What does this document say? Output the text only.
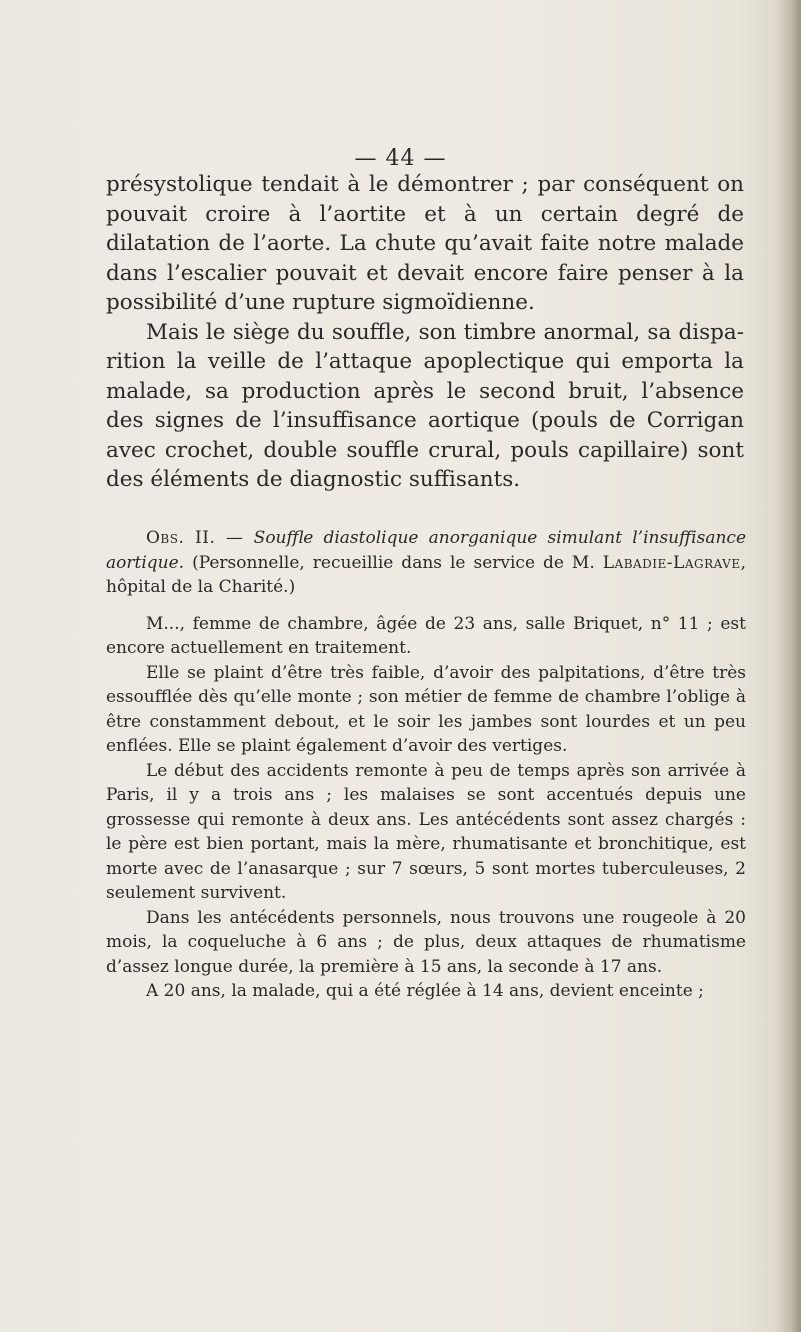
— 44 —

présystolique tendait à le démontrer ; par conséquent on pouvait croire à l’aortite et à un certain degré de dilatation de l’aorte. La chute qu’avait faite notre malade dans l’escalier pouvait et devait encore faire penser à la possibilité d’une rupture sigmoïdienne.

Mais le siège du souffle, son timbre anormal, sa disparition la veille de l’attaque apoplectique qui emporta la malade, sa production après le second bruit, l’absence des signes de l’insuffisance aortique (pouls de Corrigan avec crochet, double souffle crural, pouls capillaire) sont des éléments de diagnostic suffisants.

Obs. II. — Souffle diastolique anorganique simulant l’insuffisance aortique. (Personnelle, recueillie dans le service de M. Labadie-Lagrave, hôpital de la Charité.)

M..., femme de chambre, âgée de 23 ans, salle Briquet, n° 11 ; est encore actuellement en traitement.

Elle se plaint d’être très faible, d’avoir des palpitations, d’être très essoufflée dès qu’elle monte ; son métier de femme de chambre l’oblige à être constamment debout, et le soir les jambes sont lourdes et un peu enflées. Elle se plaint également d’avoir des vertiges.

Le début des accidents remonte à peu de temps après son arrivée à Paris, il y a trois ans ; les malaises se sont accentués depuis une grossesse qui remonte à deux ans. Les antécédents sont assez chargés : le père est bien portant, mais la mère, rhumatisante et bronchitique, est morte avec de l’anasarque ; sur 7 sœurs, 5 sont mortes tuberculeuses, 2 seulement survivent.

Dans les antécédents personnels, nous trouvons une rougeole à 20 mois, la coqueluche à 6 ans ; de plus, deux attaques de rhumatisme d’assez longue durée, la première à 15 ans, la seconde à 17 ans.

A 20 ans, la malade, qui a été réglée à 14 ans, devient enceinte ;
